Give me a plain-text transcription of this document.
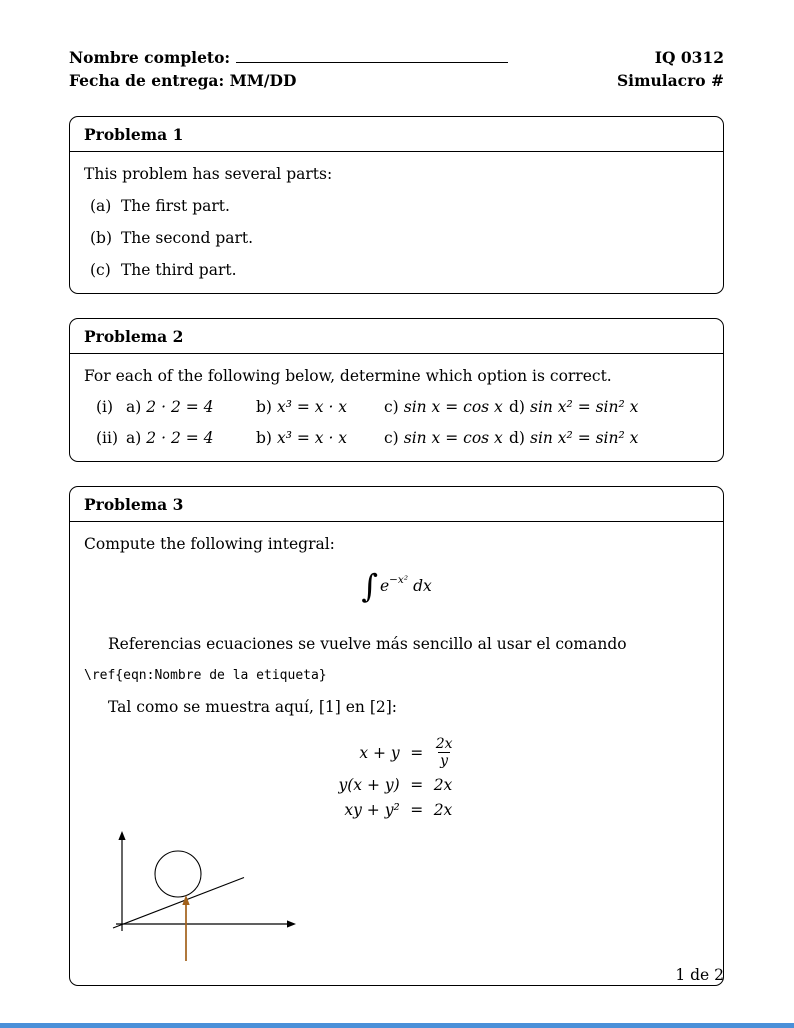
Nombre completo:
Fecha de entrega: MM/DD
IQ 0312
Simulacro #
Problema 1

This problem has several parts:

(a) The first part.
(b) The second part.
(c) The third part.
Problema 2

For each of the following below, determine which option is correct.

(i) a) 2 · 2 = 4	b) x³ = x · x	c) sin x = cos x d) sin x² = sin² x
(ii) a) 2 · 2 = 4	b) x³ = x · x	c) sin x = cos x d) sin x² = sin² x
Problema 3

Compute the following integral:

∫ $e^{-x^2}$ dx

Referencias ecuaciones se vuelve más sencillo al usar el comando

\ref{eqn:Nombre de la etiqueta}

Tal como se muestra aquí, [1] en [2]:

$x + y = \frac{2x}{y}$
y(x + y) = 2x
xy + y² = 2x
1 de 2
